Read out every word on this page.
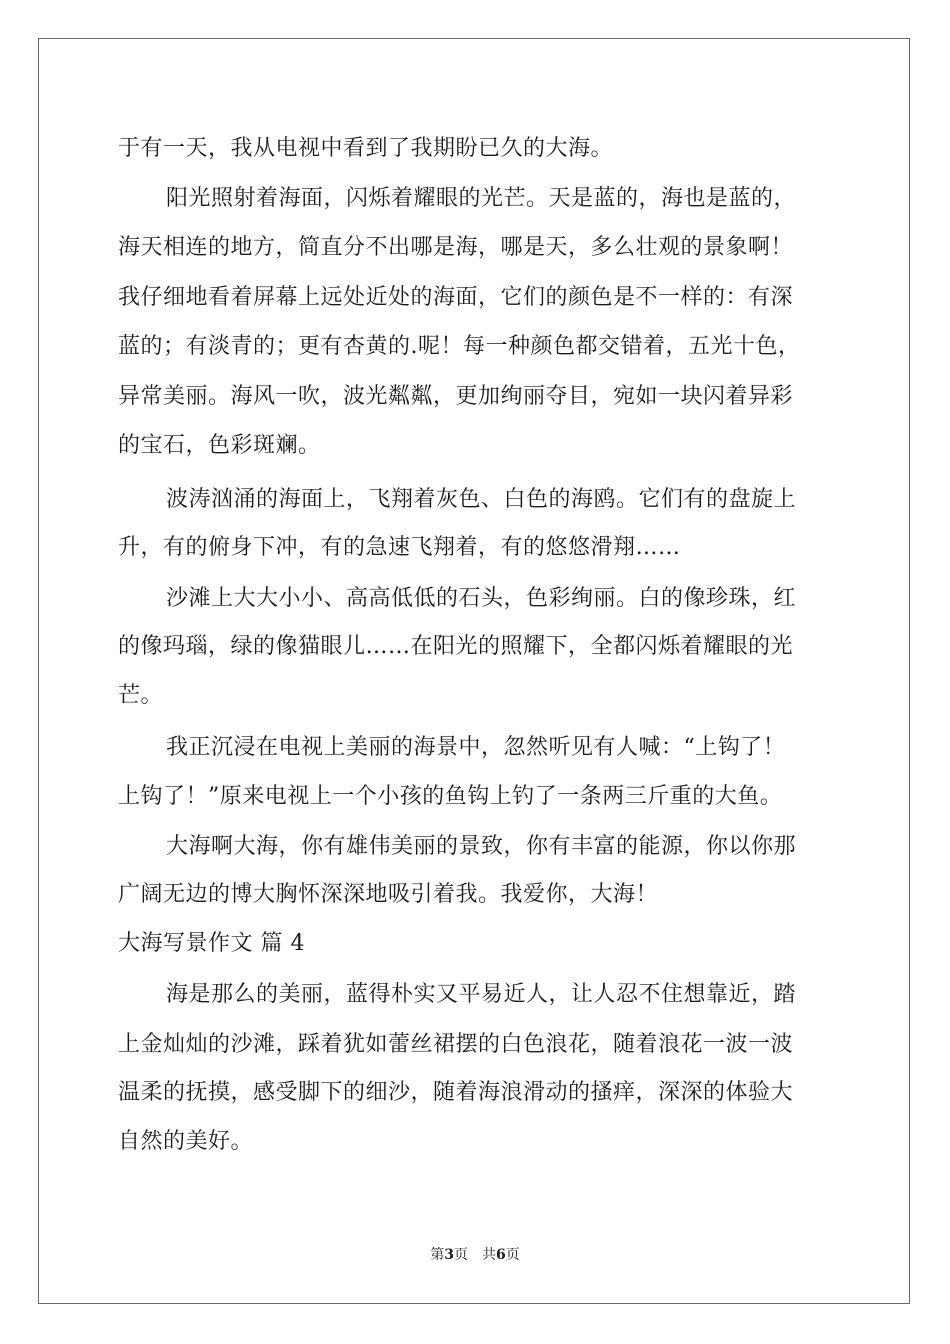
于有一天，我从电视中看到了我期盼已久的大海。
阳光照射着海面，闪烁着耀眼的光芒。天是蓝的，海也是蓝的，
海天相连的地方，简直分不出哪是海，哪是天，多么壮观的景象啊！
我仔细地看着屏幕上远处近处的海面，它们的颜色是不一样的：有深
蓝的；有淡青的；更有杏黄的.呢！每一种颜色都交错着，五光十色，
异常美丽。海风一吹，波光粼粼，更加绚丽夺目，宛如一块闪着异彩
的宝石，色彩斑斓。
波涛汹涌的海面上，飞翔着灰色、白色的海鸥。它们有的盘旋上
升，有的俯身下冲，有的急速飞翔着，有的悠悠滑翔……
沙滩上大大小小、高高低低的石头，色彩绚丽。白的像珍珠，红
的像玛瑙，绿的像猫眼儿……在阳光的照耀下，全都闪烁着耀眼的光
芒。
我正沉浸在电视上美丽的海景中，忽然听见有人喊：“上钩了！
上钩了！”原来电视上一个小孩的鱼钩上钓了一条两三斤重的大鱼。
大海啊大海，你有雄伟美丽的景致，你有丰富的能源，你以你那
广阔无边的博大胸怀深深地吸引着我。我爱你，大海！
大海写景作文 篇 4
海是那么的美丽，蓝得朴实又平易近人，让人忍不住想靠近，踏
上金灿灿的沙滩，踩着犹如蕾丝裙摆的白色浪花，随着浪花一波一波
温柔的抚摸，感受脚下的细沙，随着海浪滑动的搔痒，深深的体验大
自然的美好。
第3页 共6页
